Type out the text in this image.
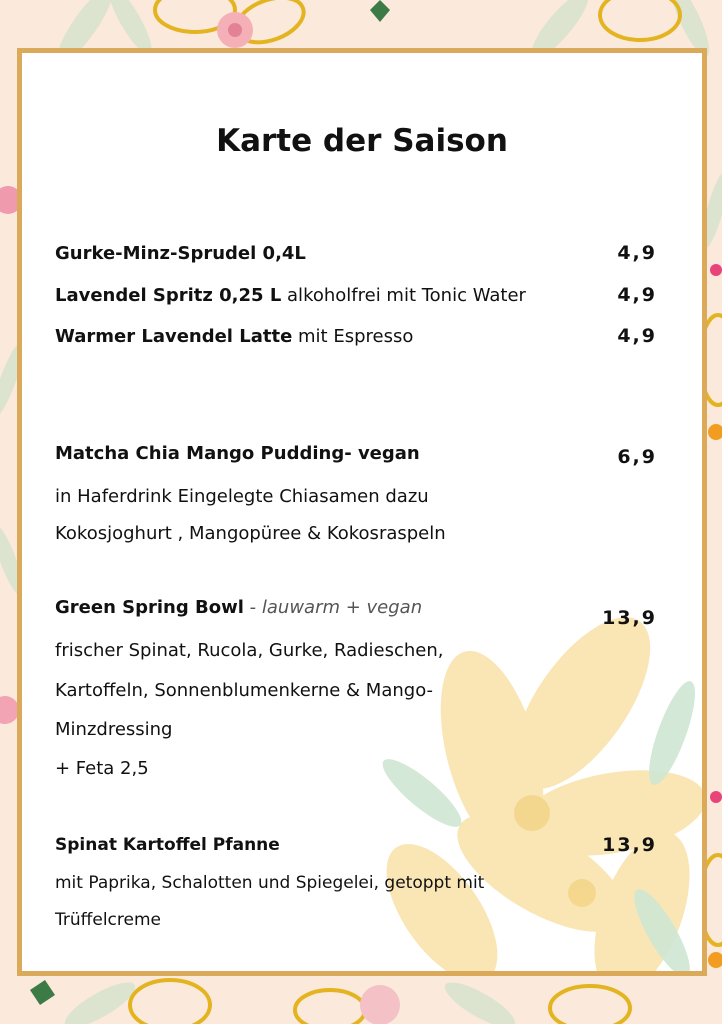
Karte der Saison
Gurke-Minz-Sprudel 0,4L	4,9
Lavendel Spritz 0,25 L alkoholfrei mit Tonic Water	4,9
Warmer Lavendel Latte mit Espresso	4,9
Matcha Chia Mango Pudding- vegan	6,9
in Haferdrink Eingelegte Chiasamen dazu
Kokosjoghurt , Mangopüree & Kokosraspeln
Green Spring Bowl - lauwarm + vegan	13,9
frischer Spinat, Rucola, Gurke, Radieschen,
Kartoffeln, Sonnenblumenkerne & Mango-
Minzdressing
+ Feta 2,5
Spinat Kartoffel Pfanne	13,9
mit Paprika, Schalotten und Spiegelei, getoppt mit
Trüffelcreme
